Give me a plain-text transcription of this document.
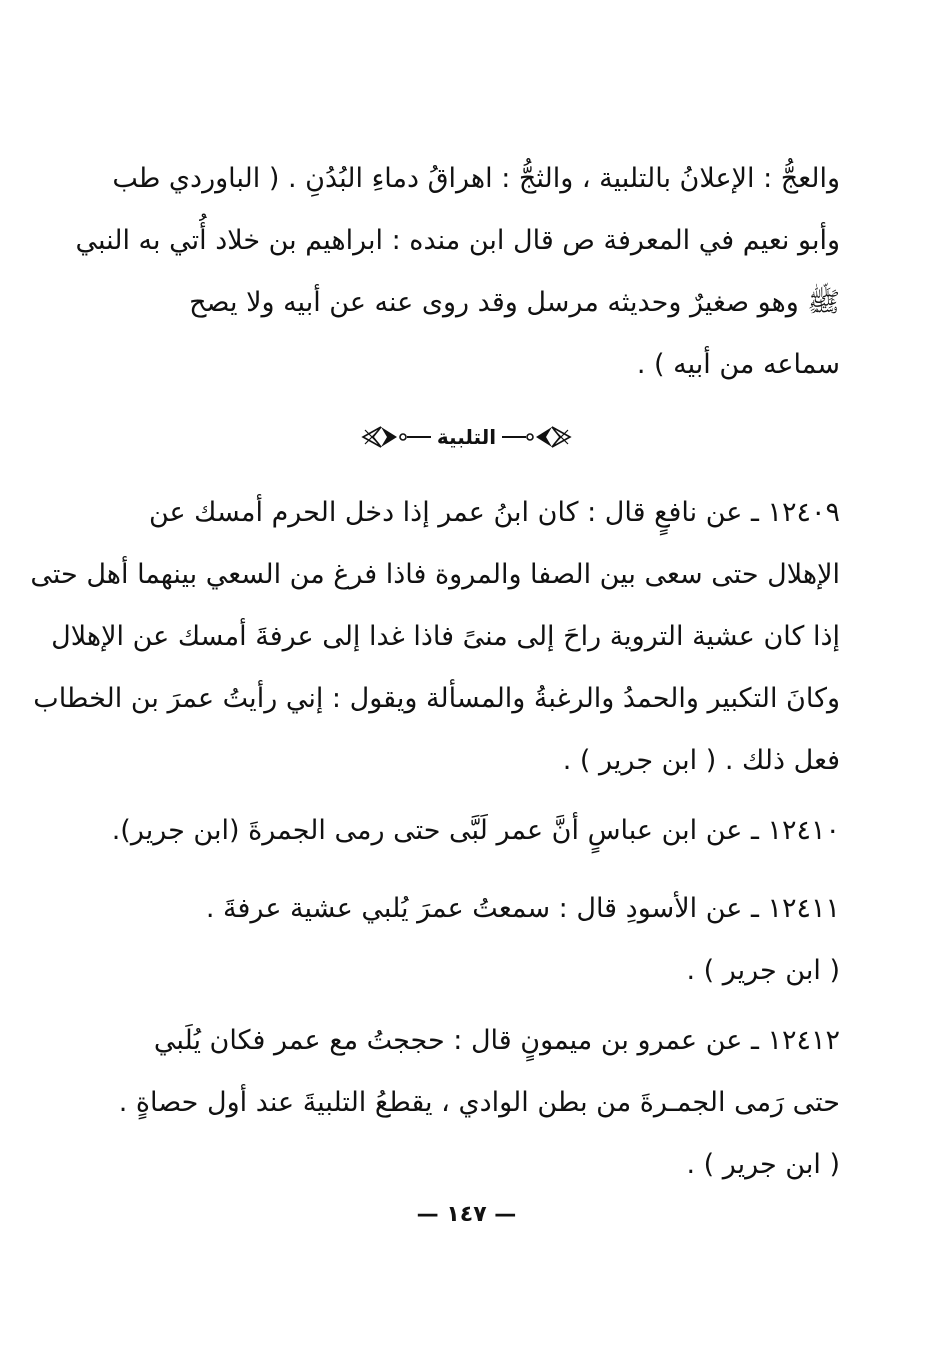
والعجُّ : الإعلانُ بالتلبية ، والثجُّ : اهراقُ دماءِ البُدُنِ . ( الباوردي طب
وأبو نعيم في المعرفة ص قال ابن منده : ابراهيم بن خلاد أُتي به النبي
ﷺ وهو صغيرٌ وحديثه مرسل وقد روى عنه عن أبيه ولا يصح
سماعه من أبيه ) .
التلبية
١٢٤٠٩ ـ عن نافعٍ قال : كان ابنُ عمر إذا دخل الحرم أمسك عن
الإهلال حتى سعى بين الصفا والمروة فاذا فرغ من السعي بينهما أهل حتى
إذا كان عشية التروية راحَ إلى منىً فاذا غدا إلى عرفةَ أمسك عن الإهلال
وكانَ التكبير والحمدُ والرغبةُ والمسألة ويقول : إني رأيتُ عمرَ بن الخطاب
فعل ذلك . ( ابن جرير ) .
١٢٤١٠ ـ عن ابن عباسٍ أنَّ عمر لَبَّى حتى رمى الجمرةَ (ابن جرير).
١٢٤١١ ـ عن الأسودِ قال : سمعتُ عمرَ يُلبي عشية عرفةَ .
( ابن جرير ) .
١٢٤١٢ ـ عن عمرو بن ميمونٍ قال : حججتُ مع عمر فكان يُلَبي
حتى رَمى الجمـرةَ من بطن الوادي ، يقطعُ التلبيةَ عند أول حصاةٍ .
( ابن جرير ) .
— ١٤٧ —
